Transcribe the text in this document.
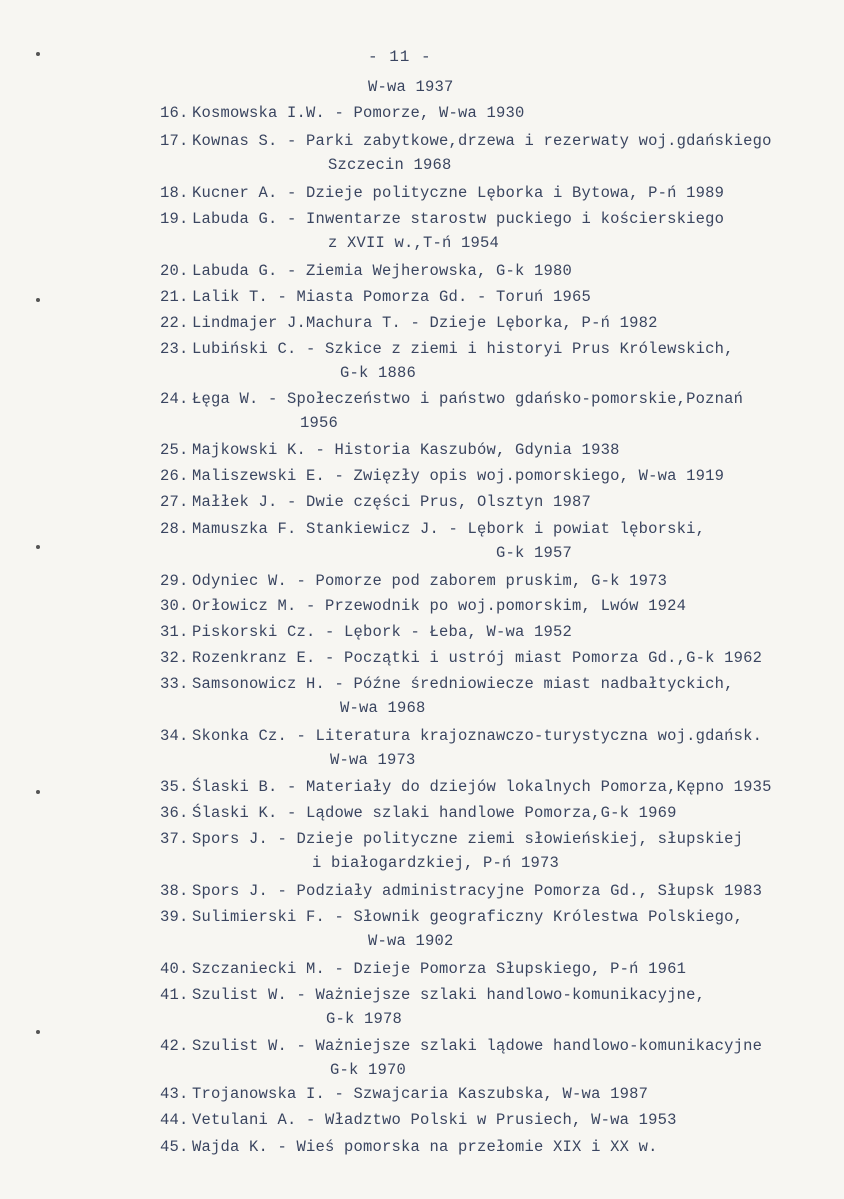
- 11 -
W-wa 1937
16. Kosmowska I.W. - Pomorze, W-wa 1930
17. Kownas S. - Parki zabytkowe,drzewa i rezerwaty woj.gdańskiego
Szczecin 1968
18. Kucner A. - Dzieje polityczne Lęborka i Bytowa, P-ń 1989
19. Labuda G. - Inwentarze starostw puckiego i kościerskiego
z XVII w.,T-ń 1954
20. Labuda G. - Ziemia Wejherowska, G-k 1980
21. Lalik T. - Miasta Pomorza Gd. - Toruń 1965
22. Lindmajer J.Machura T. - Dzieje Lęborka, P-ń 1982
23. Lubiński C. - Szkice z ziemi i historyi Prus Królewskich,
G-k 1886
24. Łęga W. - Społeczeństwo i państwo gdańsko-pomorskie,Poznań
1956
25. Majkowski K. - Historia Kaszubów, Gdynia 1938
26. Maliszewski E. - Zwięzły opis woj.pomorskiego, W-wa 1919
27. Małłek J. - Dwie części Prus, Olsztyn 1987
28. Mamuszka F. Stankiewicz J. - Lębork i powiat lęborski,
G-k 1957
29. Odyniec W. - Pomorze pod zaborem pruskim, G-k 1973
30. Orłowicz M. - Przewodnik po woj.pomorskim, Lwów 1924
31. Piskorski Cz. - Lębork - Łeba, W-wa 1952
32. Rozenkranz E. - Początki i ustrój miast Pomorza Gd.,G-k 1962
33. Samsonowicz H. - Późne średniowiecze miast nadbałtyckich,
W-wa 1968
34. Skonka Cz. - Literatura krajoznawczo-turystyczna woj.gdańsk.
W-wa 1973
35. Ślaski B. - Materiały do dziejów lokalnych Pomorza,Kępno 1935
36. Ślaski K. - Lądowe szlaki handlowe Pomorza,G-k 1969
37. Spors J. - Dzieje polityczne ziemi słowieńskiej, słupskiej
i białogardzkiej, P-ń 1973
38. Spors J. - Podziały administracyjne Pomorza Gd., Słupsk 1983
39. Sulimierski F. - Słownik geograficzny Królestwa Polskiego,
W-wa 1902
40. Szczaniecki M. - Dzieje Pomorza Słupskiego, P-ń 1961
41. Szulist W. - Ważniejsze szlaki handlowo-komunikacyjne,
G-k 1978
42. Szulist W. - Ważniejsze szlaki lądowe handlowo-komunikacyjne
G-k 1970
43. Trojanowska I. - Szwajcaria Kaszubska, W-wa 1987
44. Vetulani A. - Władztwo Polski w Prusiech, W-wa 1953
45. Wajda K. - Wieś pomorska na przełomie XIX i XX w.
